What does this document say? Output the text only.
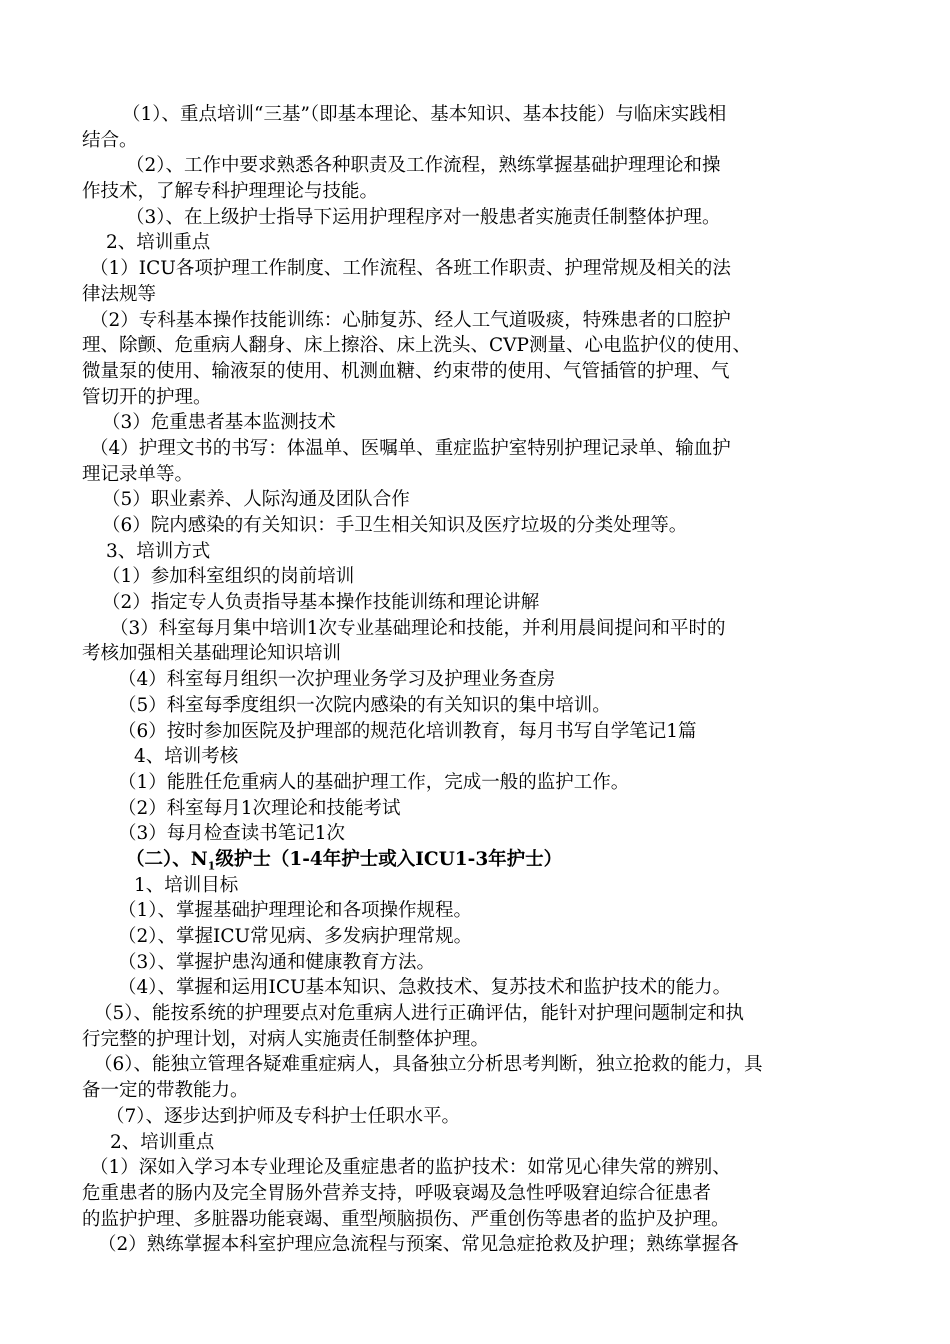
（1）、重点培训“三基”（即基本理论、基本知识、基本技能）与临床实践相
结合。
（2）、工作中要求熟悉各种职责及工作流程，熟练掌握基础护理理论和操
作技术，了解专科护理理论与技能。
（3）、在上级护士指导下运用护理程序对一般患者实施责任制整体护理。
2、培训重点
（1）ICU各项护理工作制度、工作流程、各班工作职责、护理常规及相关的法
律法规等
（2）专科基本操作技能训练：心肺复苏、经人工气道吸痰，特殊患者的口腔护
理、除颤、危重病人翻身、床上擦浴、床上洗头、CVP测量、心电监护仪的使用、
微量泵的使用、输液泵的使用、机测血糖、约束带的使用、气管插管的护理、气
管切开的护理。
（3）危重患者基本监测技术
（4）护理文书的书写：体温单、医嘱单、重症监护室特别护理记录单、输血护
理记录单等。
（5）职业素养、人际沟通及团队合作
（6）院内感染的有关知识：手卫生相关知识及医疗垃圾的分类处理等。
3、培训方式
（1）参加科室组织的岗前培训
（2）指定专人负责指导基本操作技能训练和理论讲解
（3）科室每月集中培训1次专业基础理论和技能，并利用晨间提问和平时的
考核加强相关基础理论知识培训
（4）科室每月组织一次护理业务学习及护理业务查房
（5）科室每季度组织一次院内感染的有关知识的集中培训。
（6）按时参加医院及护理部的规范化培训教育，每月书写自学笔记1篇
4、培训考核
（1）能胜任危重病人的基础护理工作，完成一般的监护工作。
（2）科室每月1次理论和技能考试
（3）每月检查读书笔记1次
（二）、$N_1$级护士（1-4年护士或入ICU1-3年护士）
1、培训目标
（1）、掌握基础护理理论和各项操作规程。
（2）、掌握ICU常见病、多发病护理常规。
（3）、掌握护患沟通和健康教育方法。
（4）、掌握和运用ICU基本知识、急救技术、复苏技术和监护技术的能力。
（5）、能按系统的护理要点对危重病人进行正确评估，能针对护理问题制定和执
行完整的护理计划，对病人实施责任制整体护理。
（6）、能独立管理各疑难重症病人，具备独立分析思考判断，独立抢救的能力，具
备一定的带教能力。
（7）、逐步达到护师及专科护士任职水平。
2、培训重点
（1）深如入学习本专业理论及重症患者的监护技术：如常见心律失常的辨别、
危重患者的肠内及完全胃肠外营养支持，呼吸衰竭及急性呼吸窘迫综合征患者
的监护护理、多脏器功能衰竭、重型颅脑损伤、严重创伤等患者的监护及护理。
（2）熟练掌握本科室护理应急流程与预案、常见急症抢救及护理；熟练掌握各
